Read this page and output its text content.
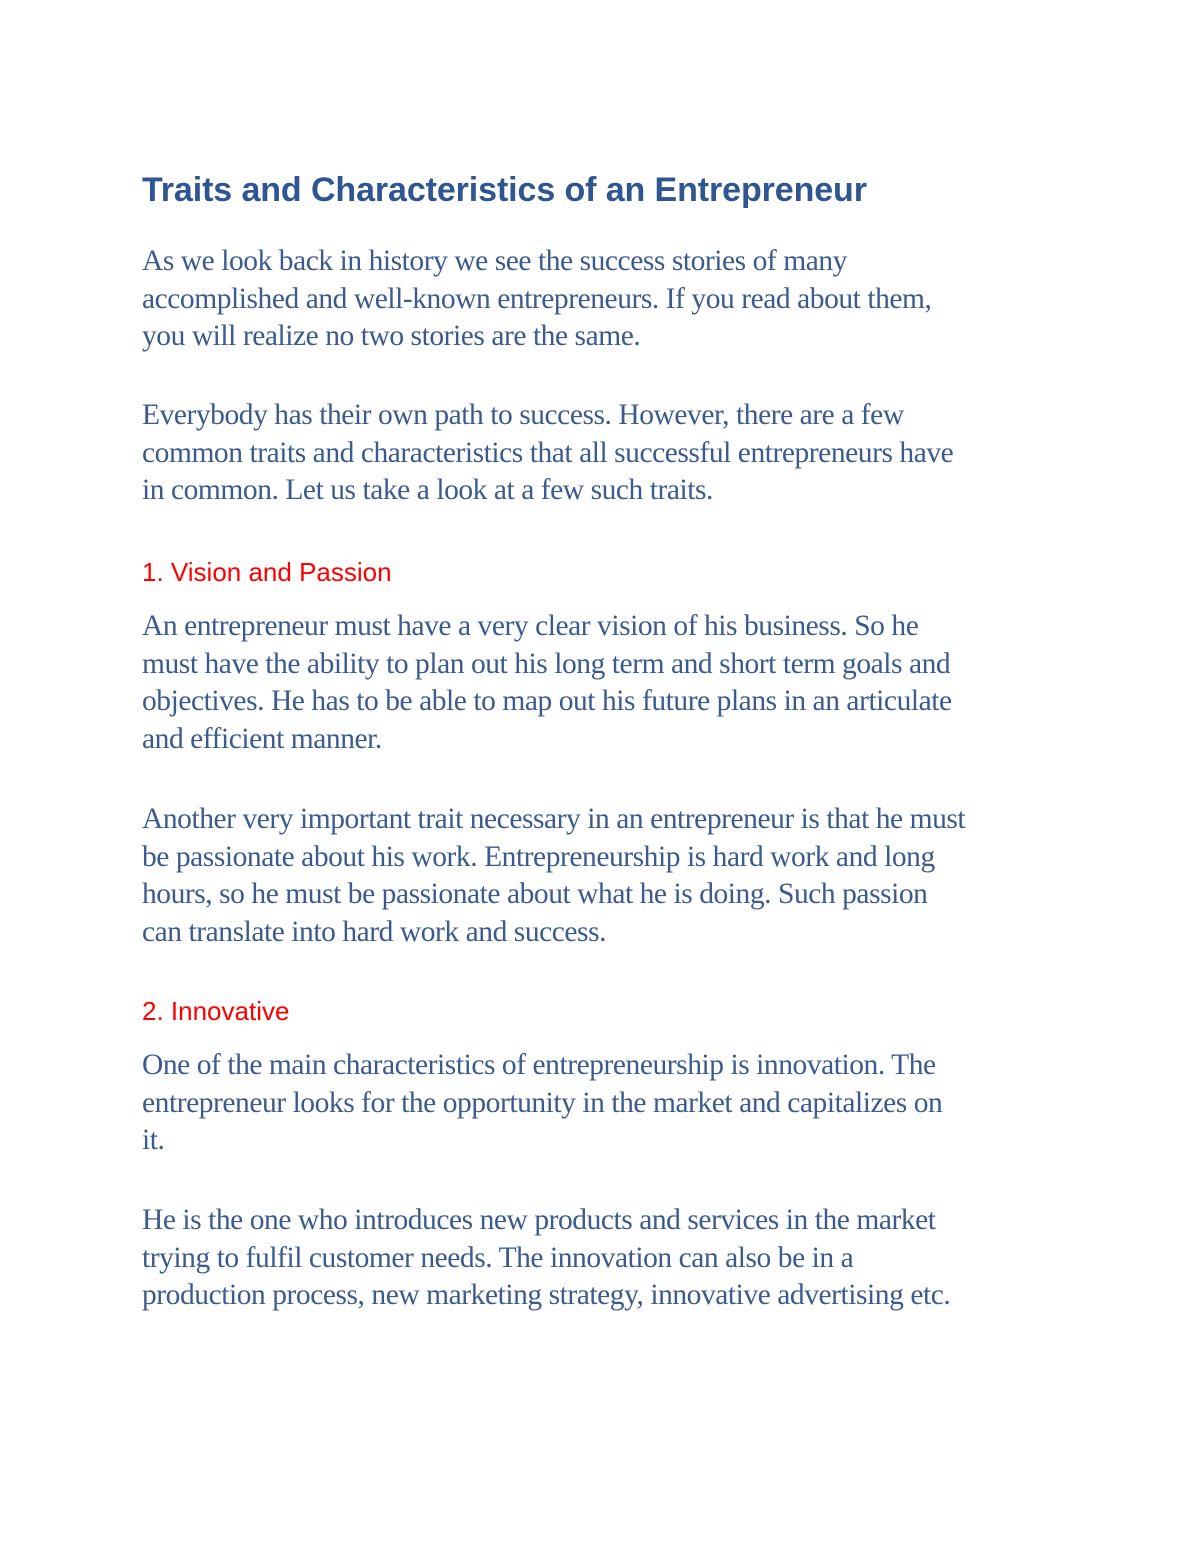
Traits and Characteristics of an Entrepreneur

As we look back in history we see the success stories of many
accomplished and well-known entrepreneurs. If you read about them,
you will realize no two stories are the same.

Everybody has their own path to success. However, there are a few
common traits and characteristics that all successful entrepreneurs have
in common. Let us take a look at a few such traits.

1. Vision and Passion

An entrepreneur must have a very clear vision of his business. So he
must have the ability to plan out his long term and short term goals and
objectives. He has to be able to map out his future plans in an articulate
and efficient manner.

Another very important trait necessary in an entrepreneur is that he must
be passionate about his work. Entrepreneurship is hard work and long
hours, so he must be passionate about what he is doing. Such passion
can translate into hard work and success.

2. Innovative

One of the main characteristics of entrepreneurship is innovation. The
entrepreneur looks for the opportunity in the market and capitalizes on
it.

He is the one who introduces new products and services in the market
trying to fulfil customer needs. The innovation can also be in a
production process, new marketing strategy, innovative advertising etc.
